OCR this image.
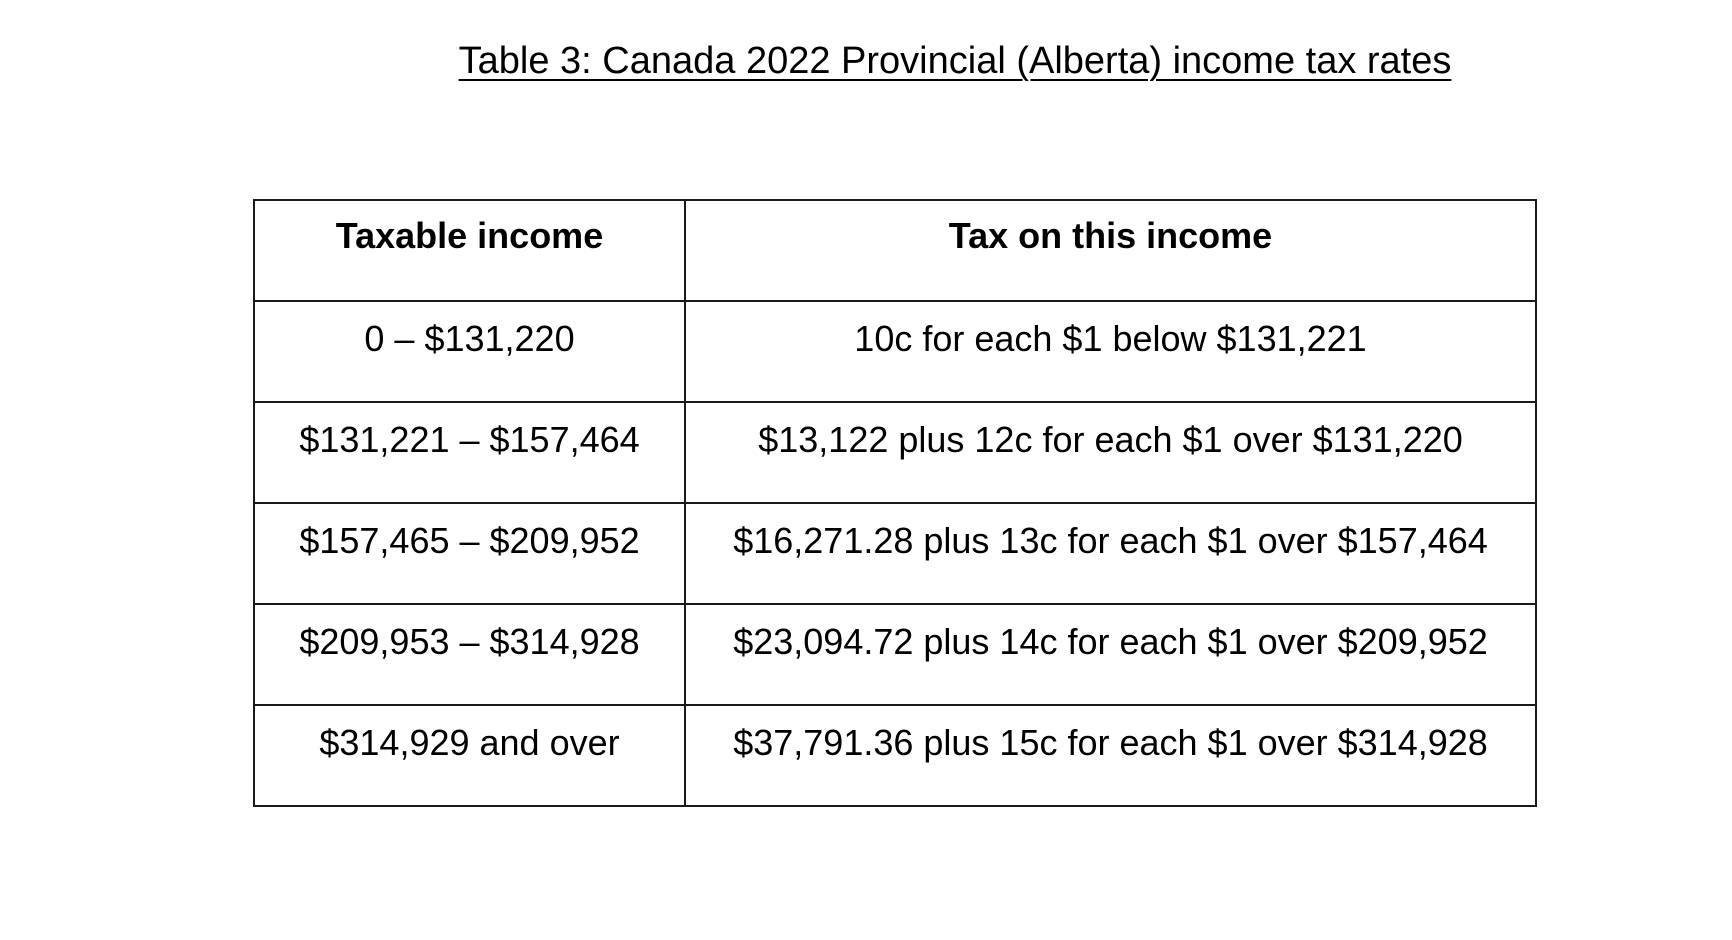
Table 3: Canada 2022 Provincial (Alberta) income tax rates
Taxable income	Tax on this income
0 – $131,220	10c for each $1 below $131,221
$131,221 – $157,464	$13,122 plus 12c for each $1 over $131,220
$157,465 – $209,952	$16,271.28 plus 13c for each $1 over $157,464
$209,953 – $314,928	$23,094.72 plus 14c for each $1 over $209,952
$314,929 and over	$37,791.36 plus 15c for each $1 over $314,928
